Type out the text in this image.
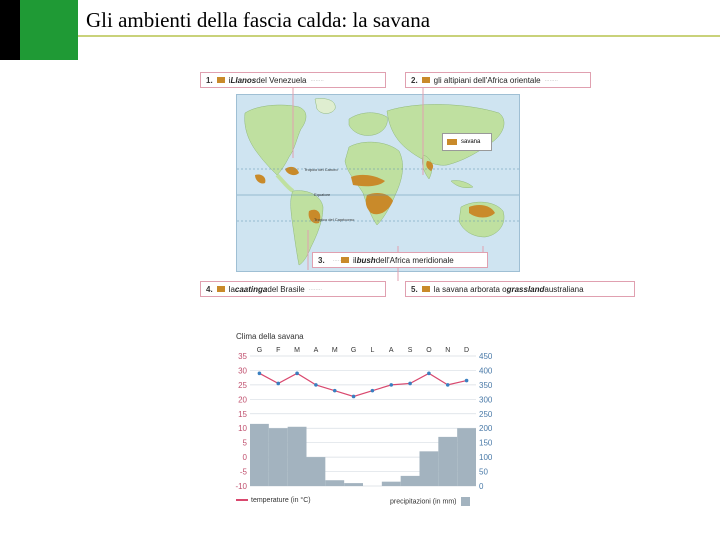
Gli ambienti della fascia calda: la savana
Tropico del Cancro
Equatore
Tropico del Capricorno
savana
1. i Llanos del Venezuela ........	2. gli altipiani dell'Africa orientale ........
3. ..... il bush dell'Africa meridionale
4. la caatinga del Brasile ........	5. la savana arborata o grassland australiana
Clima della savana
35
30
25
20
15
10
5
0
-5
-10
450
400
350
300
250
200
150
100
50
0
G F M A M G L A S O N D
temperature (in °C)	precipitazioni (in mm)
